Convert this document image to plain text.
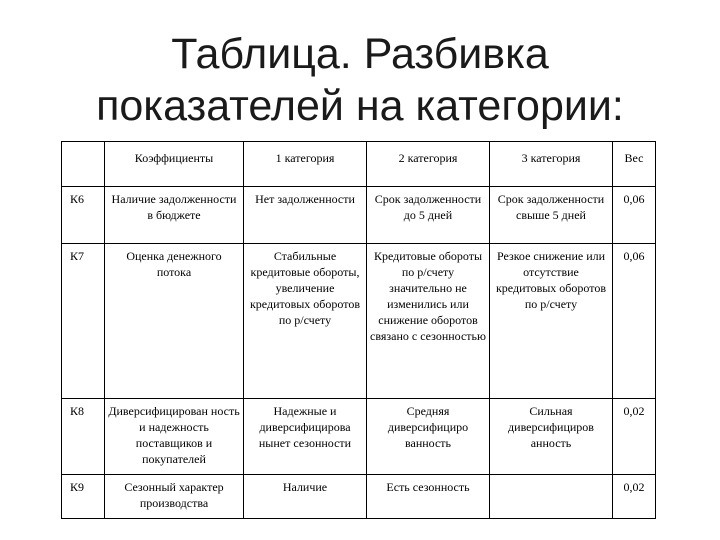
Таблица. Разбивка
показателей на категории:
	Коэффициенты	1 категория	2 категория	3 категория	Вес
К6	Наличие задолженности в бюджете	Нет задолженности	Срок задолженности до 5 дней	Срок задолженности свыше 5 дней	0,06
К7	Оценка денежного потока	Стабильные кредитовые обороты, увеличение кредитовых оборотов по р/счету	Кредитовые обороты по р/счету значительно не изменились или снижение оборотов связано с сезонностью	Резкое снижение или отсутствие кредитовых оборотов по р/счету	0,06
К8	Диверсифицирован ность и надежность поставщиков и покупателей	Надежные и диверсифицирова нынет сезонности	Средняя диверсифициро ванность	Сильная диверсифициров анность	0,02
К9	Сезонный характер производства	Наличие	Есть сезонность		0,02
